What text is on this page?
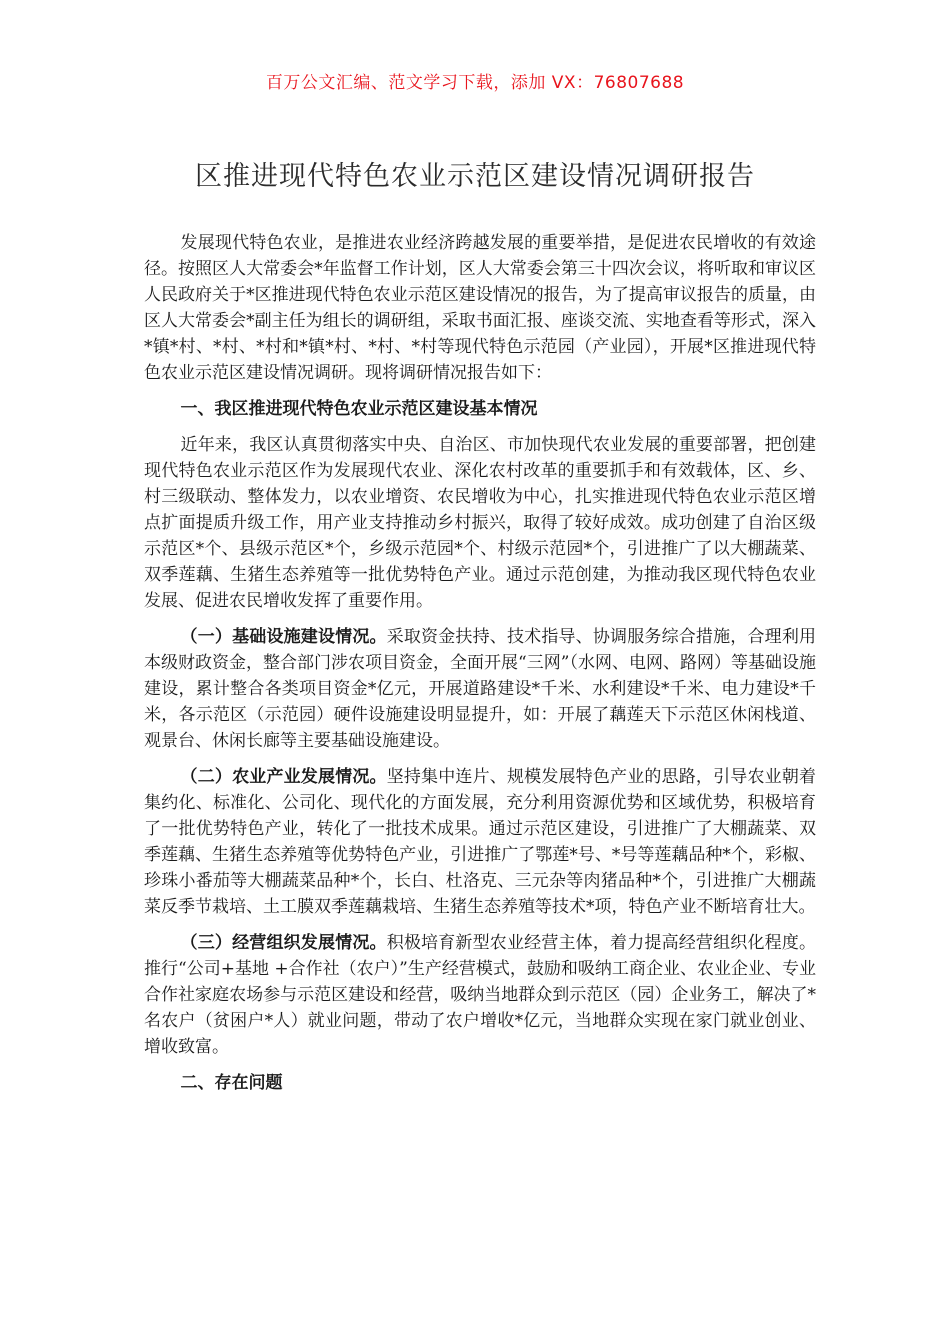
百万公文汇编、范文学习下载，添加 VX：76807688
区推进现代特色农业示范区建设情况调研报告

发展现代特色农业，是推进农业经济跨越发展的重要举措，是促进农民增收的有效途径。按照区人大常委会*年监督工作计划，区人大常委会第三十四次会议，将听取和审议区人民政府关于*区推进现代特色农业示范区建设情况的报告，为了提高审议报告的质量，由区人大常委会*副主任为组长的调研组，采取书面汇报、座谈交流、实地查看等形式，深入*镇*村、*村、*村和*镇*村、*村、*村等现代特色示范园（产业园），开展*区推进现代特色农业示范区建设情况调研。现将调研情况报告如下：

一、我区推进现代特色农业示范区建设基本情况

近年来，我区认真贯彻落实中央、自治区、市加快现代农业发展的重要部署，把创建现代特色农业示范区作为发展现代农业、深化农村改革的重要抓手和有效载体，区、乡、村三级联动、整体发力，以农业增资、农民增收为中心，扎实推进现代特色农业示范区增点扩面提质升级工作，用产业支持推动乡村振兴，取得了较好成效。成功创建了自治区级示范区*个、县级示范区*个，乡级示范园*个、村级示范园*个，引进推广了以大棚蔬菜、双季莲藕、生猪生态养殖等一批优势特色产业。通过示范创建，为推动我区现代特色农业发展、促进农民增收发挥了重要作用。

（一）基础设施建设情况。采取资金扶持、技术指导、协调服务综合措施，合理利用本级财政资金，整合部门涉农项目资金，全面开展“三网”（水网、电网、路网）等基础设施建设，累计整合各类项目资金*亿元，开展道路建设*千米、水利建设*千米、电力建设*千米，各示范区（示范园）硬件设施建设明显提升，如：开展了藕莲天下示范区休闲栈道、观景台、休闲长廊等主要基础设施建设。

（二）农业产业发展情况。坚持集中连片、规模发展特色产业的思路，引导农业朝着集约化、标准化、公司化、现代化的方面发展，充分利用资源优势和区域优势，积极培育了一批优势特色产业，转化了一批技术成果。通过示范区建设，引进推广了大棚蔬菜、双季莲藕、生猪生态养殖等优势特色产业，引进推广了鄂莲*号、*号等莲藕品种*个，彩椒、珍珠小番茄等大棚蔬菜品种*个，长白、杜洛克、三元杂等肉猪品种*个，引进推广大棚蔬菜反季节栽培、土工膜双季莲藕栽培、生猪生态养殖等技术*项，特色产业不断培育壮大。

（三）经营组织发展情况。积极培育新型农业经营主体，着力提高经营组织化程度。推行“公司+基地 +合作社（农户）”生产经营模式，鼓励和吸纳工商企业、农业企业、专业合作社家庭农场参与示范区建设和经营，吸纳当地群众到示范区（园）企业务工，解决了*名农户（贫困户*人）就业问题，带动了农户增收*亿元，当地群众实现在家门就业创业、增收致富。

二、存在问题
